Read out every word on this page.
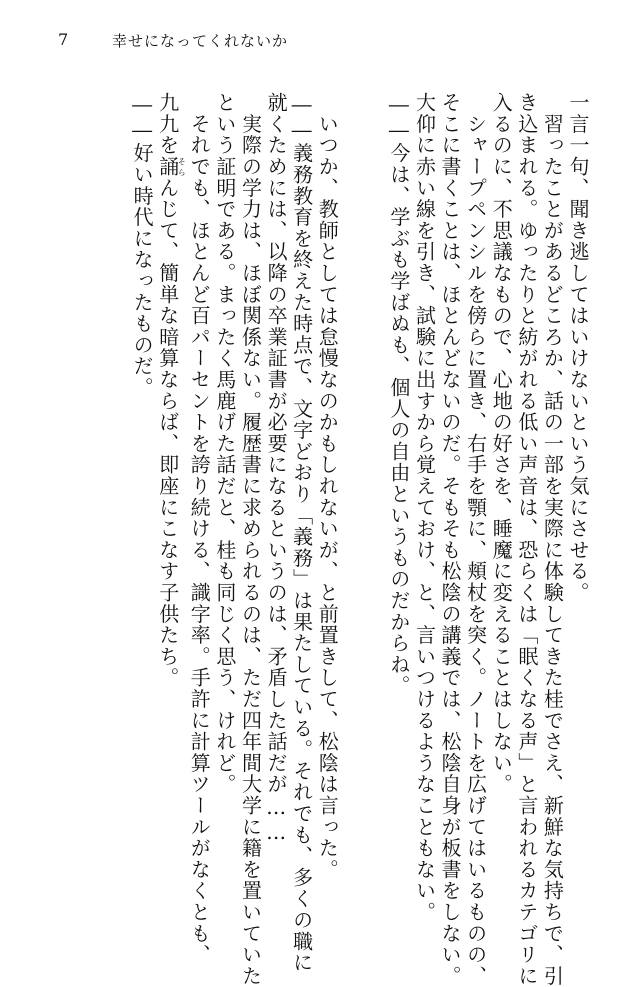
7	幸せになってくれないか
一言一句、聞き逃してはいけないという気にさせる。
　習ったことがあるどころか、話の一部を実際に体験してきた桂でさえ、新鮮な気持ちで、引
き込まれる。ゆったりと紡がれる低い声音は、恐らくは「眠くなる声」と言われるカテゴリに
入るのに、不思議なもので、心地の好さを、睡魔に変えることはしない。
　シャープペンシルを傍らに置き、右手を顎に、頬杖を突く。ノートを広げてはいるものの、
そこに書くことは、ほとんどないのだ。そもそも松陰の講義では、松陰自身が板書をしない。
大仰に赤い線を引き、試験に出すから覚えておけ、と、言いつけるようなこともない。
――今は、学ぶも学ばぬも、個人の自由というものだからね。
　いつか、教師としては怠慢なのかもしれないが、と前置きして、松陰は言った。
――義務教育を終えた時点で、文字どおり「義務」は果たしている。それでも、多くの職に
就くためには、以降の卒業証書が必要になるというのは、矛盾した話だが……
　実際の学力は、ほぼ関係ない。履歴書に求められるのは、ただ四年間大学に籍を置いていた
という証明である。まったく馬鹿げた話だと、桂も同じく思う、けれど。
　それでも、ほとんど百パーセントを誇り続ける、識字率。手許に計算ツールがなくとも、
九九を誦そらんじて、簡単な暗算ならば、即座にこなす子供たち。
――好い時代になったものだ。
